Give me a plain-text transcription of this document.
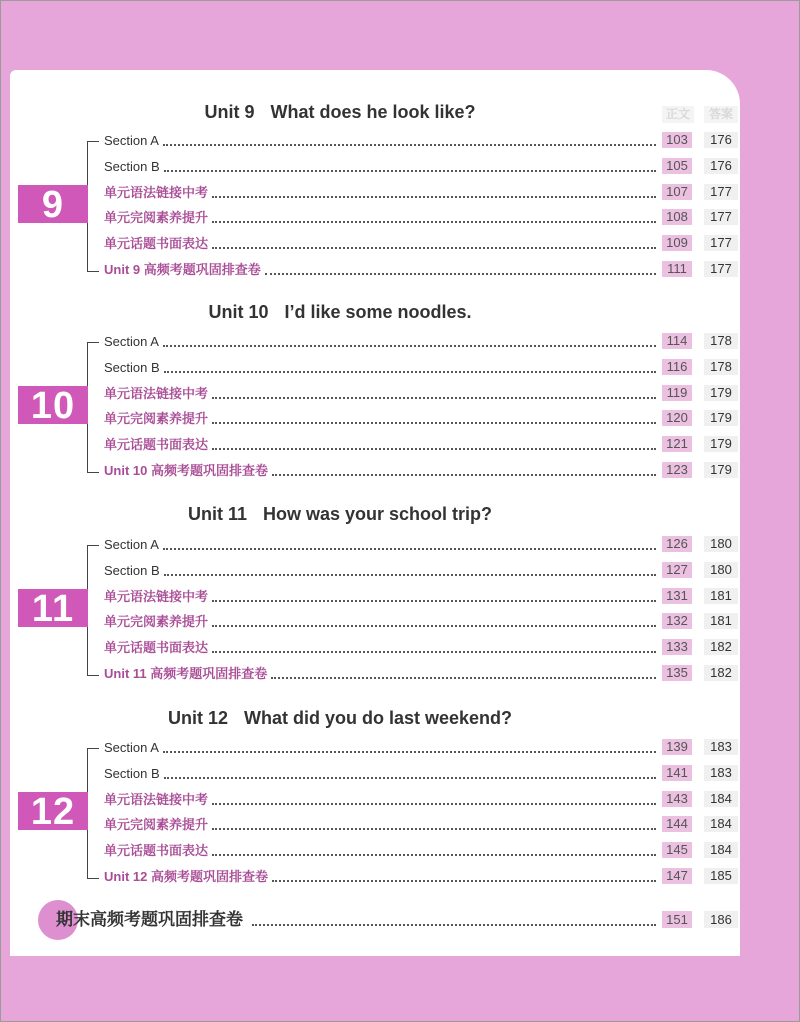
正文	答案
Unit 9 What does he look like?
9
Section A	103	176
Section B	105	176
单元语法链接中考	107	177
单元完阅素养提升	108	177
单元话题书面表达	109	177
Unit 9 高频考题巩固排查卷	111	177
Unit 10 I’d like some noodles.
10
Section A	114	178
Section B	116	178
单元语法链接中考	119	179
单元完阅素养提升	120	179
单元话题书面表达	121	179
Unit 10 高频考题巩固排查卷	123	179
Unit 11 How was your school trip?
11
Section A	126	180
Section B	127	180
单元语法链接中考	131	181
单元完阅素养提升	132	181
单元话题书面表达	133	182
Unit 11 高频考题巩固排查卷	135	182
Unit 12 What did you do last weekend?
12
Section A	139	183
Section B	141	183
单元语法链接中考	143	184
单元完阅素养提升	144	184
单元话题书面表达	145	184
Unit 12 高频考题巩固排查卷	147	185
期末高频考题巩固排查卷	151	186
